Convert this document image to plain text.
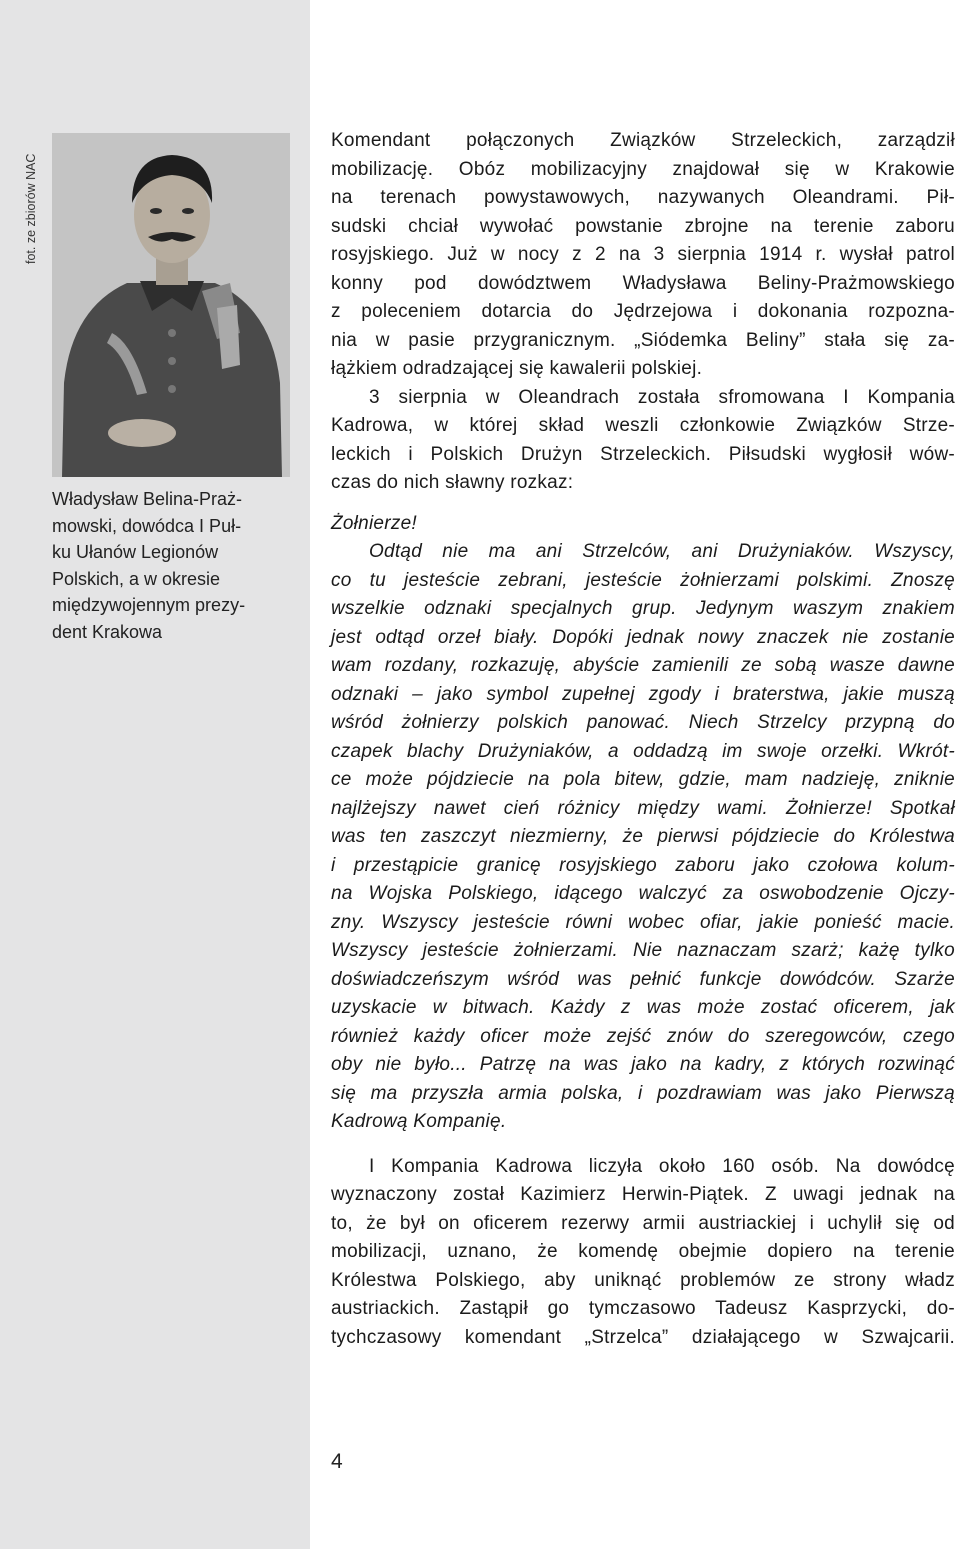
fot. ze zbiorów NAC
Władysław Belina-Praż-
mowski, dowódca I Puł-
ku Ułanów Legionów
Polskich, a w okresie
międzywojennym prezy-
dent Krakowa
Komendant połączonych Związków Strzeleckich, zarządził
mobilizację. Obóz mobilizacyjny znajdował się w Krakowie
na terenach powystawowych, nazywanych Oleandrami. Pił-
sudski chciał wywołać powstanie zbrojne na terenie zaboru
rosyjskiego. Już w nocy z 2 na 3 sierpnia 1914 r. wysłał patrol
konny pod dowództwem Władysława Beliny-Prażmowskiego
z poleceniem dotarcia do Jędrzejowa i dokonania rozpozna-
nia w pasie przygranicznym. „Siódemka Beliny” stała się za-
łążkiem odradzającej się kawalerii polskiej.
3 sierpnia w Oleandrach została sfromowana I Kompania
Kadrowa, w której skład weszli członkowie Związków Strze-
leckich i Polskich Drużyn Strzeleckich. Piłsudski wygłosił wów-
czas do nich sławny rozkaz:
Żołnierze!
Odtąd nie ma ani Strzelców, ani Drużyniaków. Wszyscy,
co tu jesteście zebrani, jesteście żołnierzami polskimi. Znoszę
wszelkie odznaki specjalnych grup. Jedynym waszym znakiem
jest odtąd orzeł biały. Dopóki jednak nowy znaczek nie zostanie
wam rozdany, rozkazuję, abyście zamienili ze sobą wasze dawne
odznaki – jako symbol zupełnej zgody i braterstwa, jakie muszą
wśród żołnierzy polskich panować. Niech Strzelcy przypną do
czapek blachy Drużyniaków, a oddadzą im swoje orzełki. Wkrót-
ce może pójdziecie na pola bitew, gdzie, mam nadzieję, zniknie
najlżejszy nawet cień różnicy między wami. Żołnierze! Spotkał
was ten zaszczyt niezmierny, że pierwsi pójdziecie do Królestwa
i przestąpicie granicę rosyjskiego zaboru jako czołowa kolum-
na Wojska Polskiego, idącego walczyć za oswobodzenie Ojczy-
zny. Wszyscy jesteście równi wobec ofiar, jakie ponieść macie.
Wszyscy jesteście żołnierzami. Nie naznaczam szarż; każę tylko
doświadczeńszym wśród was pełnić funkcje dowódców. Szarże
uzyskacie w bitwach. Każdy z was może zostać oficerem, jak
również każdy oficer może zejść znów do szeregowców, czego
oby nie było... Patrzę na was jako na kadry, z których rozwinąć
się ma przyszła armia polska, i pozdrawiam was jako Pierwszą
Kadrową Kompanię.
I Kompania Kadrowa liczyła około 160 osób. Na dowódcę
wyznaczony został Kazimierz Herwin-Piątek. Z uwagi jednak na
to, że był on oficerem rezerwy armii austriackiej i uchylił się od
mobilizacji, uznano, że komendę obejmie dopiero na terenie
Królestwa Polskiego, aby uniknąć problemów ze strony władz
austriackich. Zastąpił go tymczasowo Tadeusz Kasprzycki, do-
tychczasowy komendant „Strzelca” działającego w Szwajcarii.
4
